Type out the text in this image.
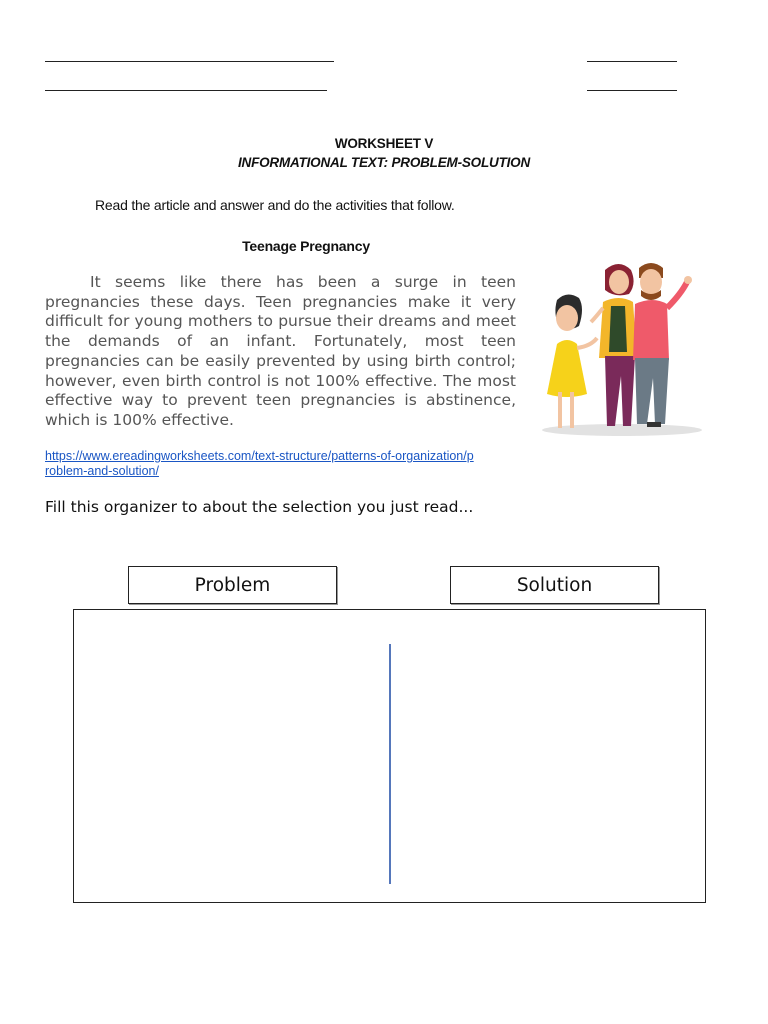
WORKSHEET V
INFORMATIONAL TEXT: PROBLEM-SOLUTION
Read the article and answer and do the activities that follow.
Teenage Pregnancy

It seems like there has been a surge in teen pregnancies these days. Teen pregnancies make it very difficult for young mothers to pursue their dreams and meet the demands of an infant. Fortunately, most teen pregnancies can be easily prevented by using birth control; however, even birth control is not 100% effective. The most effective way to prevent teen pregnancies is abstinence, which is 100% effective.

https://www.ereadingworksheets.com/text-structure/patterns-of-organization/problem-and-solution/
Fill this organizer to about the selection you just read...
Problem	Solution
